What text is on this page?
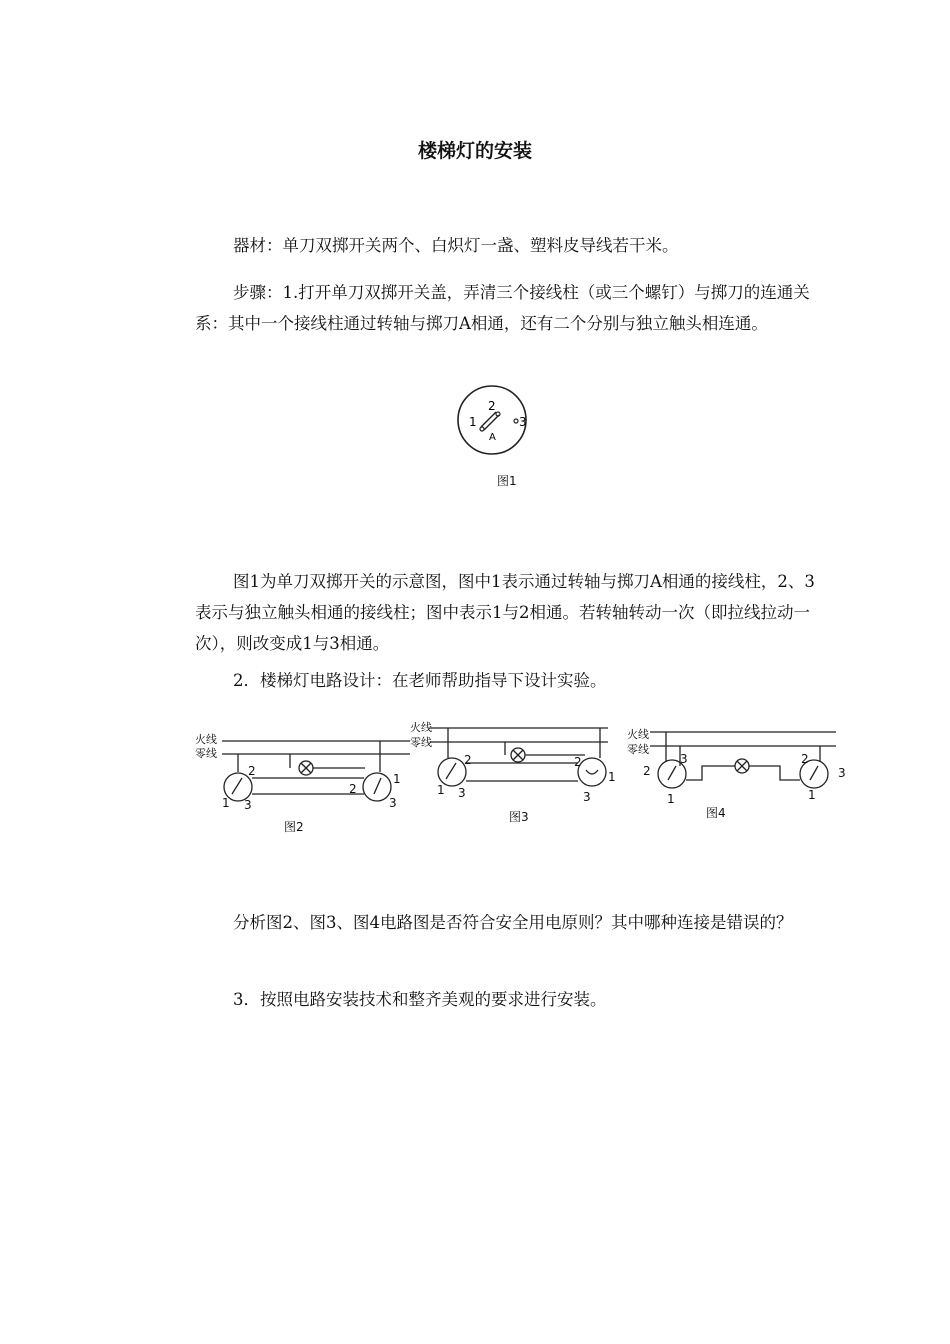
楼梯灯的安装

器材：单刀双掷开关两个、白炽灯一盏、塑料皮导线若干米。

步骤：1.打开单刀双掷开关盖，弄清三个接线柱（或三个螺钉）与掷刀的连通关系：其中一个接线柱通过转轴与掷刀A相通，还有二个分别与独立触头相连通。

1
2
3
A
图1

图1为单刀双掷开关的示意图，图中1表示通过转轴与掷刀A相通的接线柱，2、3表示与独立触头相通的接线柱；图中表示1与2相通。若转轴转动一次（即拉线拉动一次），则改变成1与3相通。

2．楼梯灯电路设计：在老师帮助指导下设计实验。

火线
零线
2
1 3
2
1
3
图2
火线
零线
2
1 3
2
1
3
图3
火线
零线
2
3
1
2
3
1
图4

分析图2、图3、图4电路图是否符合安全用电原则？其中哪种连接是错误的？

3．按照电路安装技术和整齐美观的要求进行安装。
